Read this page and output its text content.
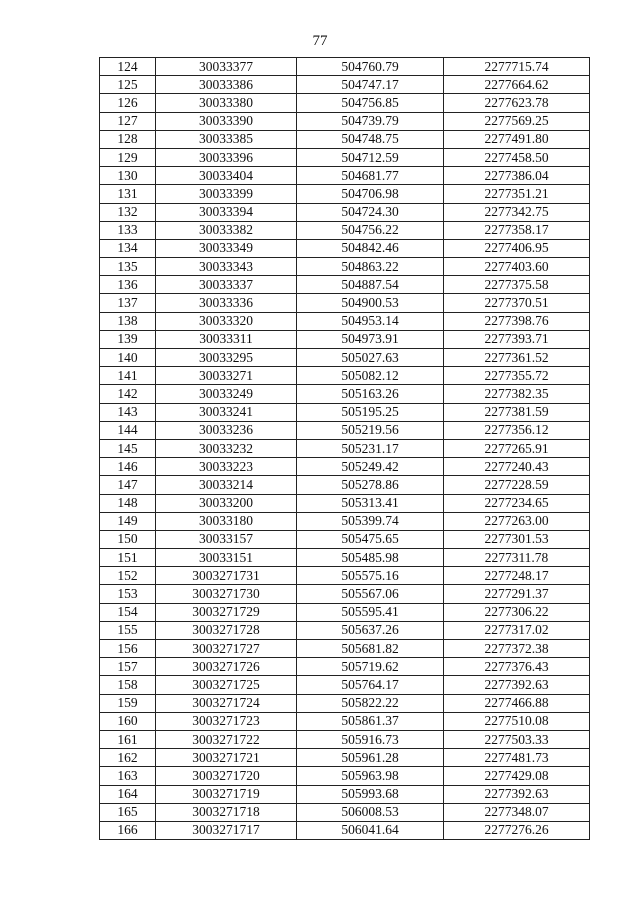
77
124	30033377	504760.79	2277715.74
125	30033386	504747.17	2277664.62
126	30033380	504756.85	2277623.78
127	30033390	504739.79	2277569.25
128	30033385	504748.75	2277491.80
129	30033396	504712.59	2277458.50
130	30033404	504681.77	2277386.04
131	30033399	504706.98	2277351.21
132	30033394	504724.30	2277342.75
133	30033382	504756.22	2277358.17
134	30033349	504842.46	2277406.95
135	30033343	504863.22	2277403.60
136	30033337	504887.54	2277375.58
137	30033336	504900.53	2277370.51
138	30033320	504953.14	2277398.76
139	30033311	504973.91	2277393.71
140	30033295	505027.63	2277361.52
141	30033271	505082.12	2277355.72
142	30033249	505163.26	2277382.35
143	30033241	505195.25	2277381.59
144	30033236	505219.56	2277356.12
145	30033232	505231.17	2277265.91
146	30033223	505249.42	2277240.43
147	30033214	505278.86	2277228.59
148	30033200	505313.41	2277234.65
149	30033180	505399.74	2277263.00
150	30033157	505475.65	2277301.53
151	30033151	505485.98	2277311.78
152	3003271731	505575.16	2277248.17
153	3003271730	505567.06	2277291.37
154	3003271729	505595.41	2277306.22
155	3003271728	505637.26	2277317.02
156	3003271727	505681.82	2277372.38
157	3003271726	505719.62	2277376.43
158	3003271725	505764.17	2277392.63
159	3003271724	505822.22	2277466.88
160	3003271723	505861.37	2277510.08
161	3003271722	505916.73	2277503.33
162	3003271721	505961.28	2277481.73
163	3003271720	505963.98	2277429.08
164	3003271719	505993.68	2277392.63
165	3003271718	506008.53	2277348.07
166	3003271717	506041.64	2277276.26
